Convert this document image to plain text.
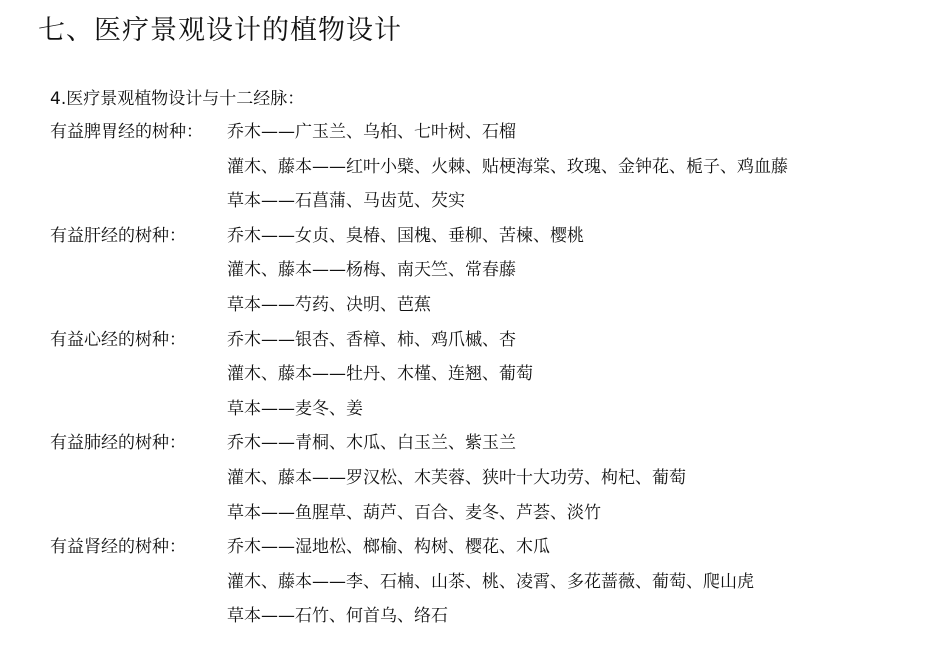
七、医疗景观设计的植物设计
4.医疗景观植物设计与十二经脉：
有益脾胃经的树种： 乔木——广玉兰、乌桕、七叶树、石榴
灌木、藤本——红叶小檗、火棘、贴梗海棠、玫瑰、金钟花、栀子、鸡血藤
草本——石菖蒲、马齿苋、芡实
有益肝经的树种： 乔木——女贞、臭椿、国槐、垂柳、苦楝、樱桃
灌木、藤本——杨梅、南天竺、常春藤
草本——芍药、决明、芭蕉
有益心经的树种： 乔木——银杏、香樟、柿、鸡爪槭、杏
灌木、藤本——牡丹、木槿、连翘、葡萄
草本——麦冬、姜
有益肺经的树种： 乔木——青桐、木瓜、白玉兰、紫玉兰
灌木、藤本——罗汉松、木芙蓉、狭叶十大功劳、枸杞、葡萄
草本——鱼腥草、葫芦、百合、麦冬、芦荟、淡竹
有益肾经的树种： 乔木——湿地松、榔榆、构树、樱花、木瓜
灌木、藤本——李、石楠、山茶、桃、凌霄、多花蔷薇、葡萄、爬山虎
草本——石竹、何首乌、络石
